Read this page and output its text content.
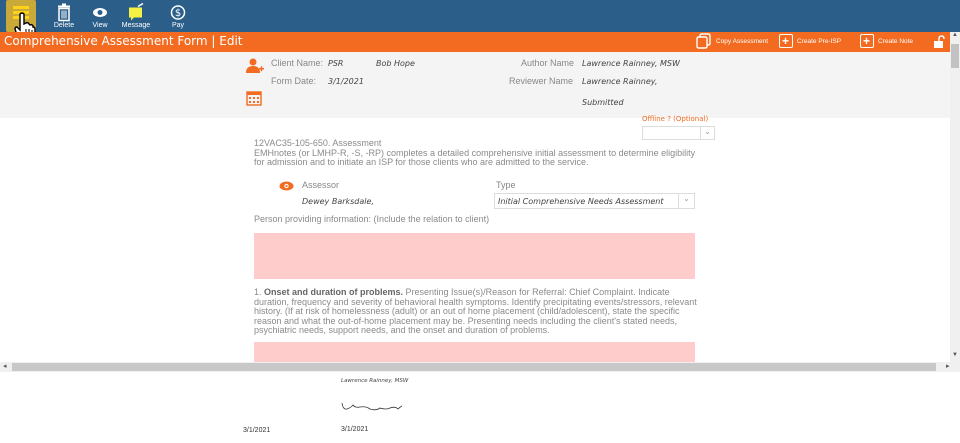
Delete	View	Message
$
Pay
Comprehensive Assessment Form | Edit	Copy Assessment +	Create Pre-ISP +	Create Note
Client Name: PSR	Bob Hope
Form Date: 3/1/2021
Author Name Lawrence Rainney, MSW
Reviewer Name Lawrence Rainney,
Submitted
Offline ? (Optional)
⌄
12VAC35-105-650. Assessment
EMHnotes (or LMHP-R, -S, -RP) completes a detailed comprehensive initial assessment to determine eligibility
for admission and to initiate an ISP for those clients who are admitted to the service.
Assessor
Dewey Barksdale,
Type
Initial Comprehensive Needs Assessment	⌄
Person providing information: (Include the relation to client)
1. Onset and duration of problems. Presenting Issue(s)/Reason for Referral: Chief Complaint. Indicate
duration, frequency and severity of behavioral health symptoms. Identify precipitating events/stressors, relevant
history. (If at risk of homelessness (adult) or an out of home placement (child/adolescent), state the specific
reason and what the out-of-home placement may be. Presenting needs including the client's stated needs,
psychiatric needs, support needs, and the onset and duration of problems.
▲
▼
◂	▸
Lawrence Rainney, MSW
3/1/2021	3/1/2021
